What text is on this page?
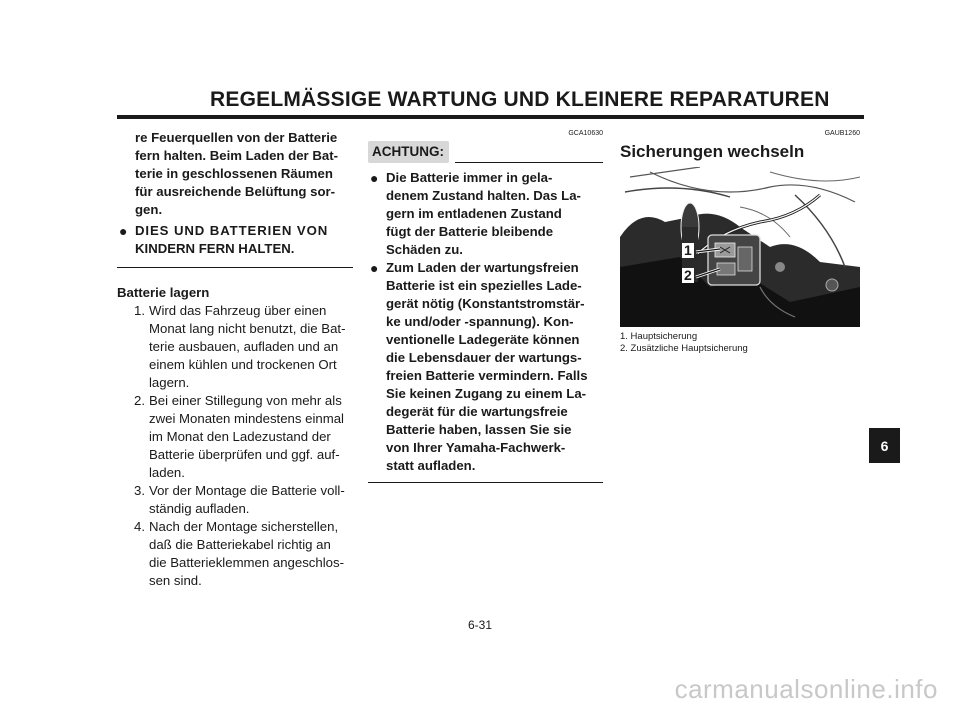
REGELMÄSSIGE WARTUNG UND KLEINERE REPARATUREN
re Feuerquellen von der Batterie
fern halten. Beim Laden der Bat-
terie in geschlossenen Räumen
für ausreichende Belüftung sor-
gen.
● DIES UND BATTERIEN VON
KINDERN FERN HALTEN.
Batterie lagern
1. Wird das Fahrzeug über einen
Monat lang nicht benutzt, die Bat-
terie ausbauen, aufladen und an
einem kühlen und trockenen Ort
lagern.
2. Bei einer Stillegung von mehr als
zwei Monaten mindestens einmal
im Monat den Ladezustand der
Batterie überprüfen und ggf. auf-
laden.
3. Vor der Montage die Batterie voll-
ständig aufladen.
4. Nach der Montage sicherstellen,
daß die Batteriekabel richtig an
die Batterieklemmen angeschlos-
sen sind.
GCA10630
ACHTUNG:
● Die Batterie immer in gela-
denem Zustand halten. Das La-
gern im entladenen Zustand
fügt der Batterie bleibende
Schäden zu.
● Zum Laden der wartungsfreien
Batterie ist ein spezielles Lade-
gerät nötig (Konstantstromstär-
ke und/oder -spannung). Kon-
ventionelle Ladegeräte können
die Lebensdauer der wartungs-
freien Batterie vermindern. Falls
Sie keinen Zugang zu einem La-
degerät für die wartungsfreie
Batterie haben, lassen Sie sie
von Ihrer Yamaha-Fachwerk-
statt aufladen.
GAUB1260
Sicherungen wechseln
1
2
1. Hauptsicherung
2. Zusätzliche Hauptsicherung
6
6-31
carmanualsonline.info
